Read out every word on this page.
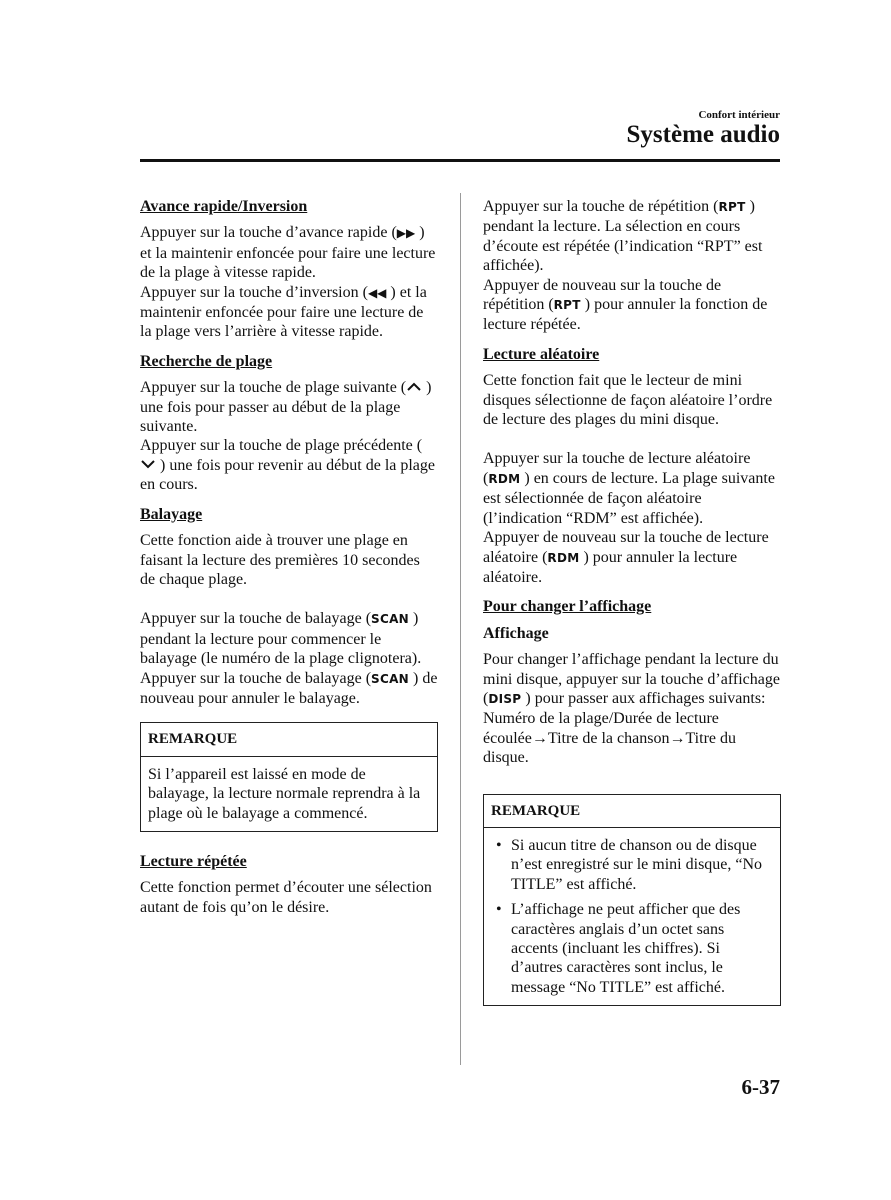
Confort intérieur
Système audio
Avance rapide/Inversion

Appuyer sur la touche d’avance rapide (▶▶ ) et la maintenir enfoncée pour faire une lecture de la plage à vitesse rapide.

Appuyer sur la touche d’inversion (◀◀ ) et la maintenir enfoncée pour faire une lecture de la plage vers l’arrière à vitesse rapide.

Recherche de plage

Appuyer sur la touche de plage suivante ( ) une fois pour passer au début de la plage suivante.

Appuyer sur la touche de plage précédente ( ) une fois pour revenir au début de la plage en cours.

Balayage

Cette fonction aide à trouver une plage en faisant la lecture des premières 10 secondes de chaque plage.

Appuyer sur la touche de balayage (SCAN ) pendant la lecture pour commencer le balayage (le numéro de la plage clignotera).

Appuyer sur la touche de balayage (SCAN ) de nouveau pour annuler le balayage.

REMARQUE
Si l’appareil est laissé en mode de balayage, la lecture normale reprendra à la plage où le balayage a commencé.
Lecture répétée

Cette fonction permet d’écouter une sélection autant de fois qu’on le désire.

Appuyer sur la touche de répétition (RPT ) pendant la lecture. La sélection en cours d’écoute est répétée (l’indication “RPT” est affichée).

Appuyer de nouveau sur la touche de répétition (RPT ) pour annuler la fonction de lecture répétée.

Lecture aléatoire

Cette fonction fait que le lecteur de mini disques sélectionne de façon aléatoire l’ordre de lecture des plages du mini disque.

Appuyer sur la touche de lecture aléatoire (RDM ) en cours de lecture. La plage suivante est sélectionnée de façon aléatoire (l’indication “RDM” est affichée).

Appuyer de nouveau sur la touche de lecture aléatoire (RDM ) pour annuler la lecture aléatoire.

Pour changer l’affichage
Affichage

Pour changer l’affichage pendant la lecture du mini disque, appuyer sur la touche d’affichage (DISP ) pour passer aux affichages suivants:

Numéro de la plage/Durée de lecture écoulée→Titre de la chanson→Titre du disque.

REMARQUE
• Si aucun titre de chanson ou de disque n’est enregistré sur le mini disque, “No TITLE” est affiché.
• L’affichage ne peut afficher que des caractères anglais d’un octet sans accents (incluant les chiffres). Si d’autres caractères sont inclus, le message “No TITLE” est affiché.
6-37
